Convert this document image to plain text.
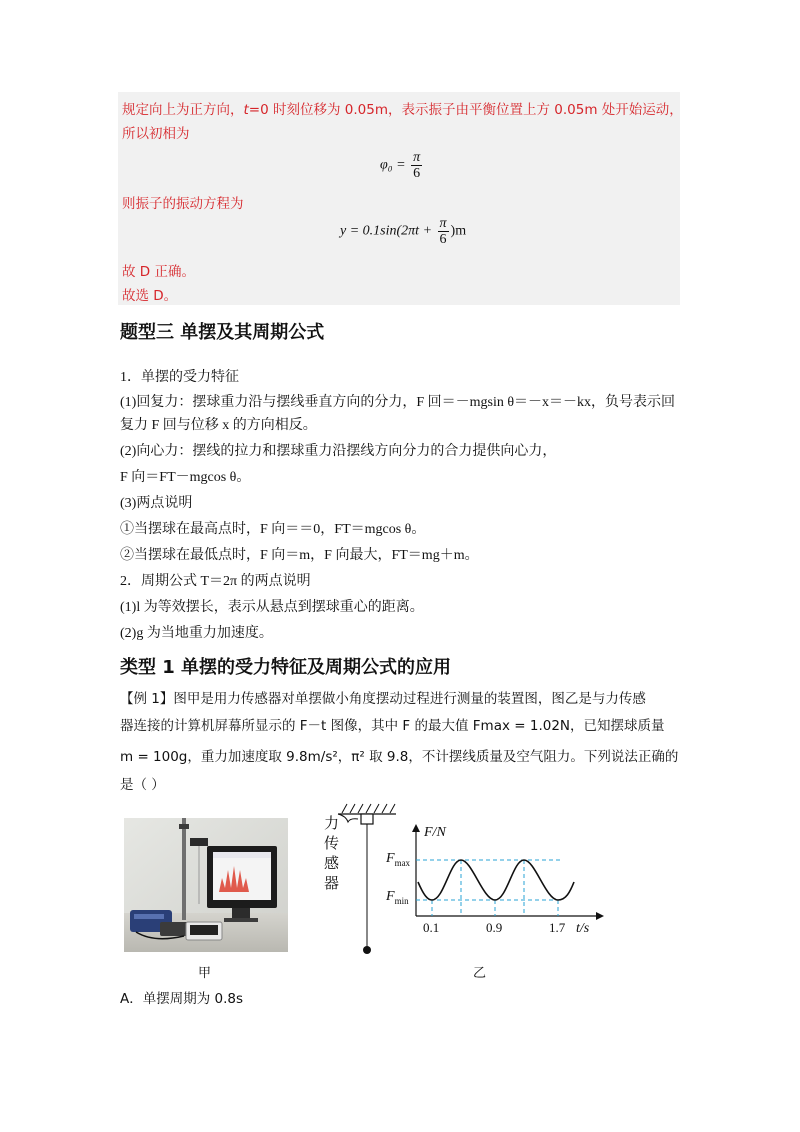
规定向上为正方向，t=0 时刻位移为 0.05m，表示振子由平衡位置上方 0.05m 处开始运动，
所以初相为
$\varphi_0 = \frac{\pi}{6}$
则振子的振动方程为
$y = 0.1\sin(2\pi t + \frac{\pi}{6} )m$
故 D 正确。
故选 D。
题型三 单摆及其周期公式
1．单摆的受力特征
(1)回复力：摆球重力沿与摆线垂直方向的分力，F 回＝－mgsin θ＝－x＝－kx，负号表示回
复力 F 回与位移 x 的方向相反。
(2)向心力：摆线的拉力和摆球重力沿摆线方向分力的合力提供向心力，
F 向＝FT－mgcos θ。
(3)两点说明
①当摆球在最高点时，F 向＝＝0，FT＝mgcos θ。
②当摆球在最低点时，F 向＝m，F 向最大，FT＝mg＋m。
2．周期公式 T＝2π 的两点说明
(1)l 为等效摆长，表示从悬点到摆球重心的距离。
(2)g 为当地重力加速度。
类型 1 单摆的受力特征及周期公式的应用
【例 1】图甲是用力传感器对单摆做小角度摆动过程进行测量的装置图，图乙是与力传感
器连接的计算机屏幕所显示的 F－t 图像，其中 F 的最大值 Fmax = 1.02N，已知摆球质量
m = 100g，重力加速度取 9.8m/s²，π² 取 9.8，不计摆线质量及空气阻力。下列说法正确的
是（ ）
甲
力
传
感
器
F/N
t/s
$F_{max}$
$F_{min}$
0.1	0.9	1.7
乙
A．单摆周期为 0.8s
